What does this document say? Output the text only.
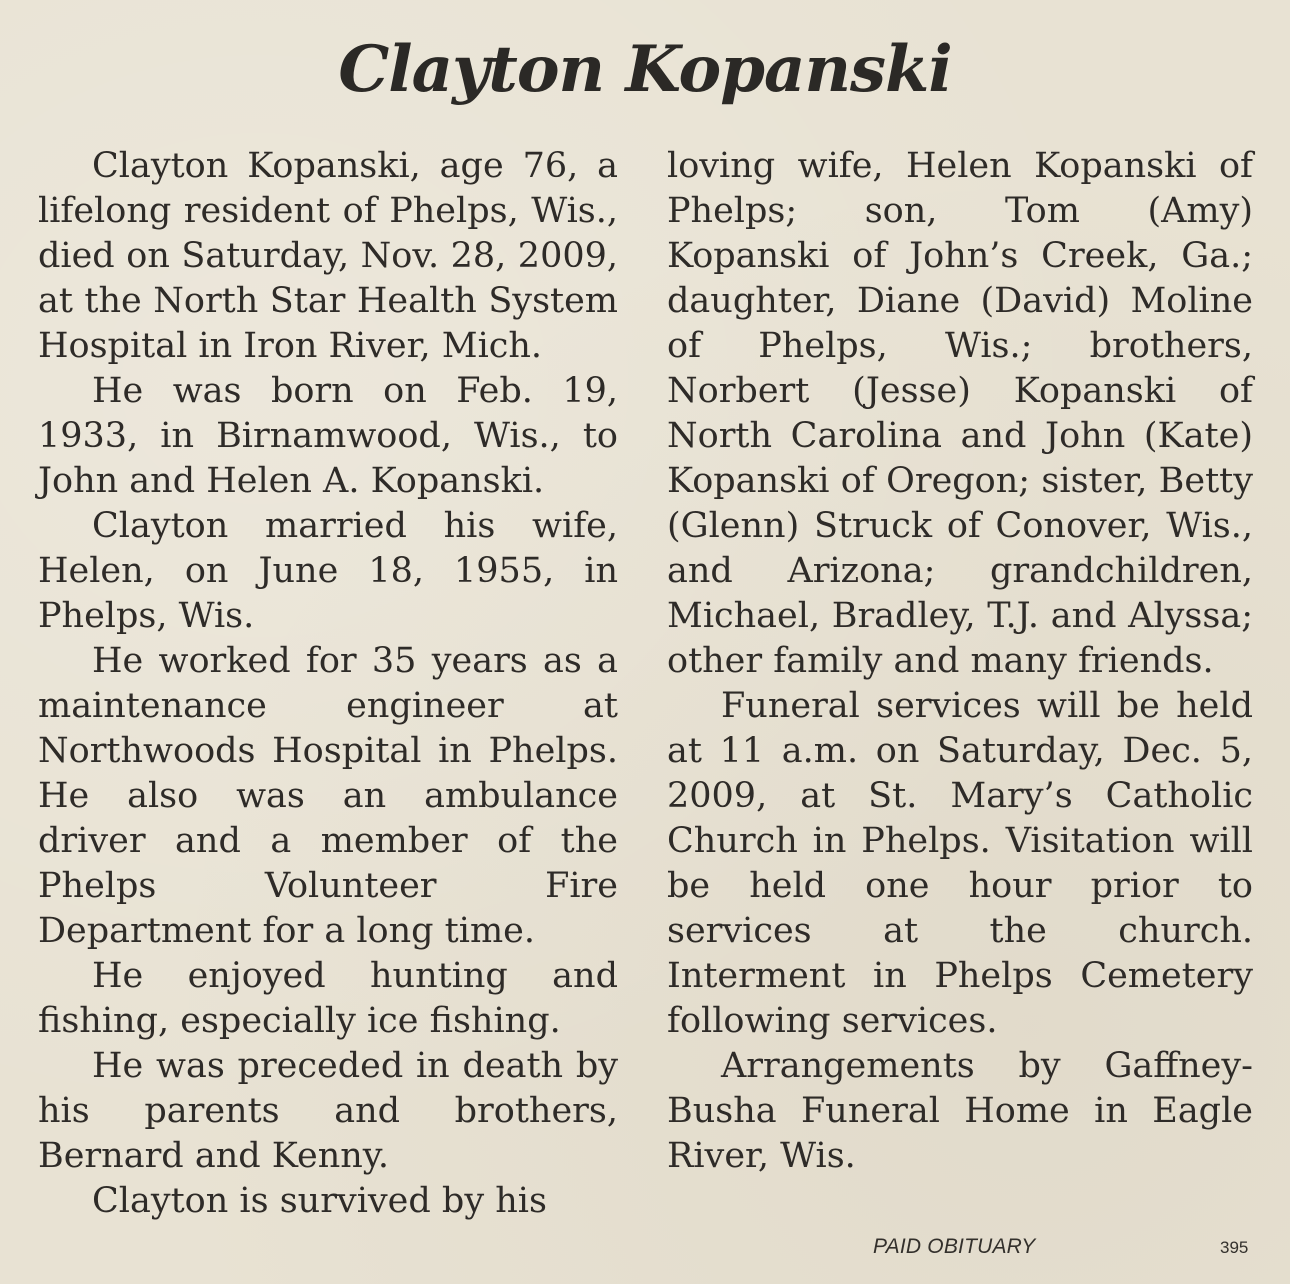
Clayton Kopanski

Clayton Kopanski, age 76, a lifelong resident of Phelps, Wis., died on Saturday, Nov. 28, 2009, at the North Star Health System Hospital in Iron River, Mich.

He was born on Feb. 19, 1933, in Birnamwood, Wis., to John and Helen A. Kopanski.

Clayton married his wife, Helen, on June 18, 1955, in Phelps, Wis.

He worked for 35 years as a maintenance engineer at Northwoods Hospital in Phelps. He also was an ambulance driver and a member of the Phelps Volunteer Fire Department for a long time.

He enjoyed hunting and fishing, especially ice fishing.

He was preceded in death by his parents and brothers, Bernard and Kenny.

Clayton is survived by his

loving wife, Helen Kopanski of Phelps; son, Tom (Amy) Kopanski of John’s Creek, Ga.; daughter, Diane (David) Moline of Phelps, Wis.; brothers, Norbert (Jesse) Kopanski of North Carolina and John (Kate) Kopanski of Oregon; sister, Betty (Glenn) Struck of Conover, Wis., and Arizona; grandchildren, Michael, Bradley, T.J. and Alyssa; other family and many friends.

Funeral services will be held at 11 a.m. on Saturday, Dec. 5, 2009, at St. Mary’s Catholic Church in Phelps. Visitation will be held one hour prior to services at the church. Interment in Phelps Cemetery following services.

Arrangements by Gaffney-Busha Funeral Home in Eagle River, Wis.

PAID OBITUARY	395
